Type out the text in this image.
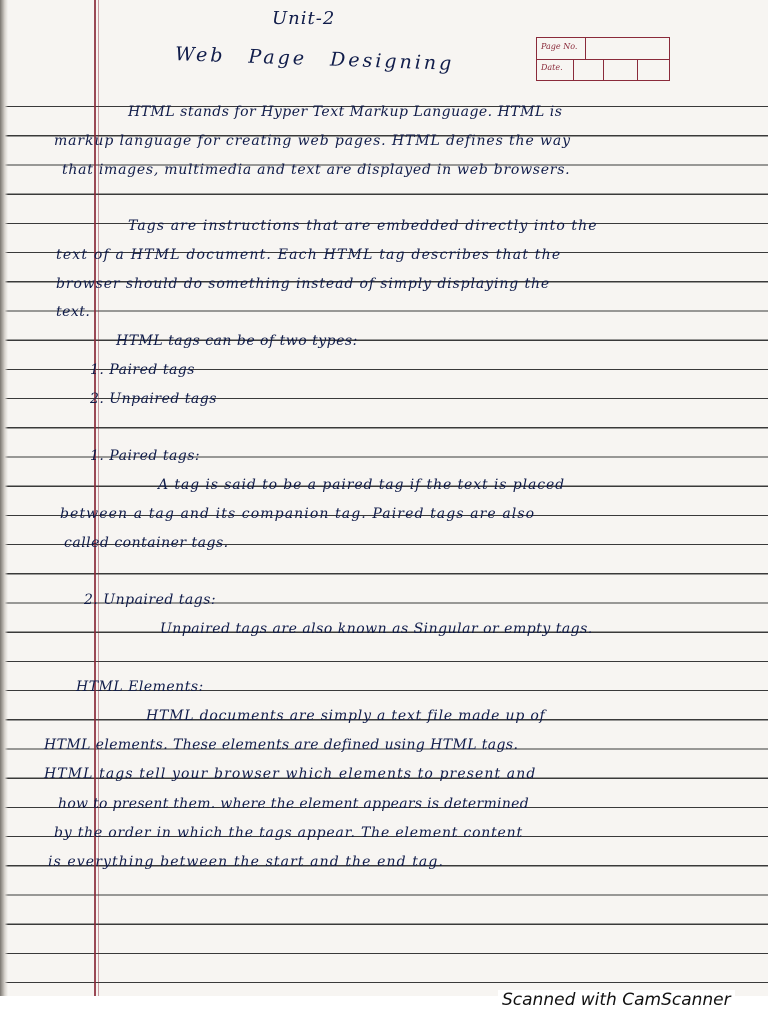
Unit-2
Web Page Designing	Page No.
Date.
HTML stands for Hyper Text Markup Language. HTML is
markup language for creating web pages. HTML defines the way
that images, multimedia and text are displayed in web browsers.
Tags are instructions that are embedded directly into the
text of a HTML document. Each HTML tag describes that the
browser should do something instead of simply displaying the
text.
HTML tags can be of two types:
1. Paired tags
2. Unpaired tags
1. Paired tags:
A tag is said to be a paired tag if the text is placed
between a tag and its companion tag. Paired tags are also
called container tags.
2. Unpaired tags:
Unpaired tags are also known as Singular or empty tags.
HTML Elements:
HTML documents are simply a text file made up of
HTML elements. These elements are defined using HTML tags.
HTML tags tell your browser which elements to present and
how to present them. where the element appears is determined
by the order in which the tags appear. The element content
is everything between the start and the end tag.
Scanned with CamScanner
